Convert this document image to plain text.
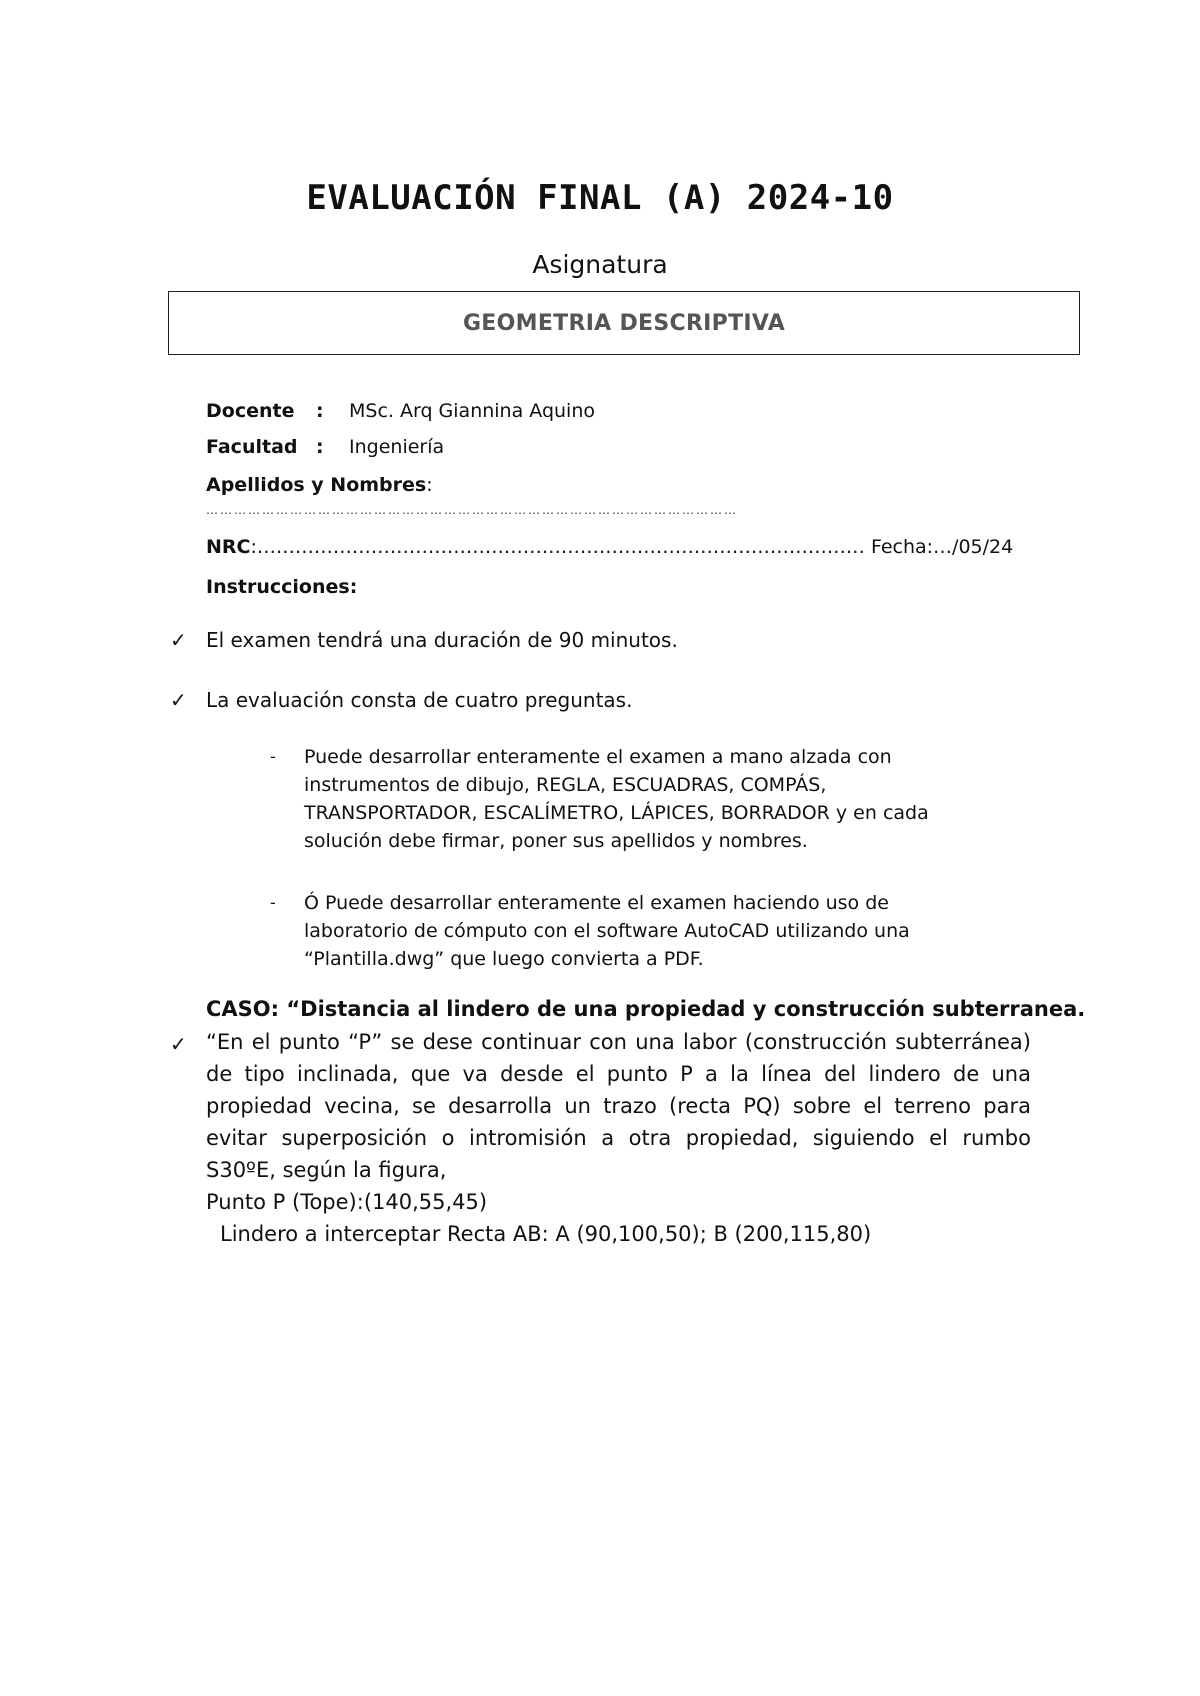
EVALUACIÓN FINAL (A) 2024-10
Asignatura
GEOMETRIA DESCRIPTIVA
Docente : MSc. Arq Giannina Aquino
Facultad : Ingeniería
Apellidos y Nombres:
……………………………………………………………………………………………………
NRC:…………………………………………………………………………………… Fecha:…/05/24
Instrucciones:
✓ El examen tendrá una duración de 90 minutos.
✓ La evaluación consta de cuatro preguntas.
- Puede desarrollar enteramente el examen a mano alzada con instrumentos de dibujo, REGLA, ESCUADRAS, COMPÁS, TRANSPORTADOR, ESCALÍMETRO, LÁPICES, BORRADOR y en cada solución debe firmar, poner sus apellidos y nombres.
- Ó Puede desarrollar enteramente el examen haciendo uso de laboratorio de cómputo con el software AutoCAD utilizando una “Plantilla.dwg” que luego convierta a PDF.
CASO: “Distancia al lindero de una propiedad y construcción subterranea.
✓ “En el punto “P” se dese continuar con una labor (construcción subterránea) de tipo inclinada, que va desde el punto P a la línea del lindero de una propiedad vecina, se desarrolla un trazo (recta PQ) sobre el terreno para evitar superposición o intromisión a otra propiedad, siguiendo el rumbo S30ºE, según la figura,
Punto P (Tope):(140,55,45)
Lindero a interceptar Recta AB: A (90,100,50); B (200,115,80)
